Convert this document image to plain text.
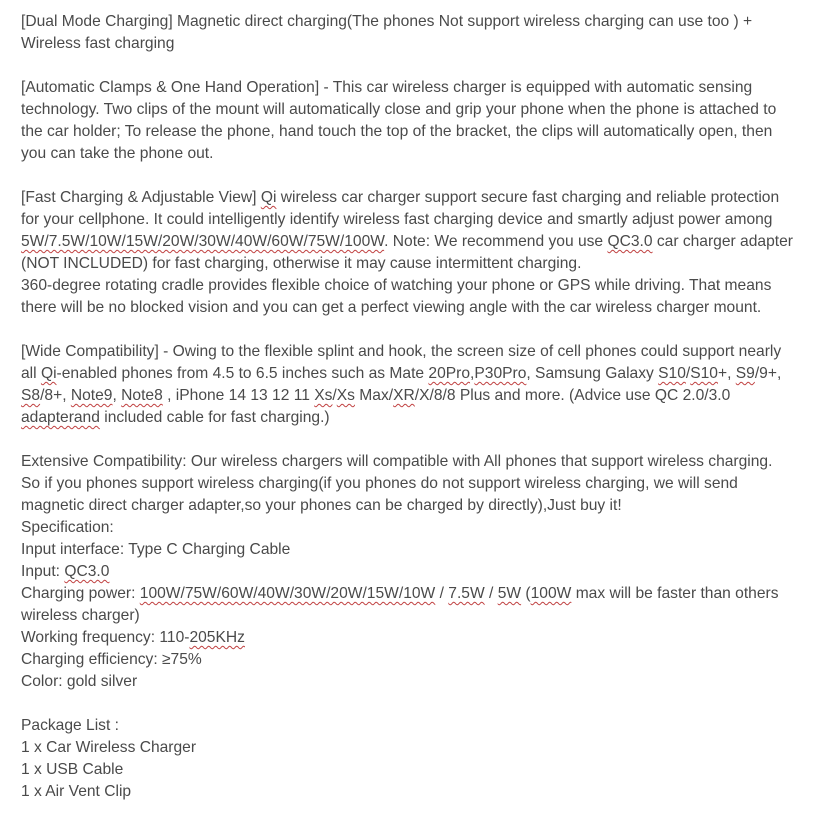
[Dual Mode Charging] Magnetic direct charging(The phones Not support wireless charging can use too ) +
Wireless fast charging
[Automatic Clamps & One Hand Operation] - This car wireless charger is equipped with automatic sensing
technology. Two clips of the mount will automatically close and grip your phone when the phone is attached to
the car holder; To release the phone, hand touch the top of the bracket, the clips will automatically open, then
you can take the phone out.
[Fast Charging & Adjustable View] Qi wireless car charger support secure fast charging and reliable protection
for your cellphone. It could intelligently identify wireless fast charging device and smartly adjust power among
5W/7.5W/10W/15W/20W/30W/40W/60W/75W/100W. Note: We recommend you use QC3.0 car charger adapter
(NOT INCLUDED) for fast charging, otherwise it may cause intermittent charging.
360-degree rotating cradle provides flexible choice of watching your phone or GPS while driving. That means
there will be no blocked vision and you can get a perfect viewing angle with the car wireless charger mount.
[Wide Compatibility] - Owing to the flexible splint and hook, the screen size of cell phones could support nearly
all Qi-enabled phones from 4.5 to 6.5 inches such as Mate 20Pro,P30Pro, Samsung Galaxy S10/S10+, S9/9+,
S8/8+, Note9, Note8 , iPhone 14 13 12 11 Xs/Xs Max/XR/X/8/8 Plus and more. (Advice use QC 2.0/3.0
adapterand included cable for fast charging.)
Extensive Compatibility: Our wireless chargers will compatible with All phones that support wireless charging.
So if you phones support wireless charging(if you phones do not support wireless charging, we will send
magnetic direct charger adapter,so your phones can be charged by directly),Just buy it!
Specification:
Input interface: Type C Charging Cable
Input: QC3.0
Charging power: 100W/75W/60W/40W/30W/20W/15W/10W / 7.5W / 5W (100W max will be faster than others
wireless charger)
Working frequency: 110-205KHz
Charging efficiency: ≥75%
Color: gold silver
Package List :
1 x Car Wireless Charger
1 x USB Cable
1 x Air Vent Clip
